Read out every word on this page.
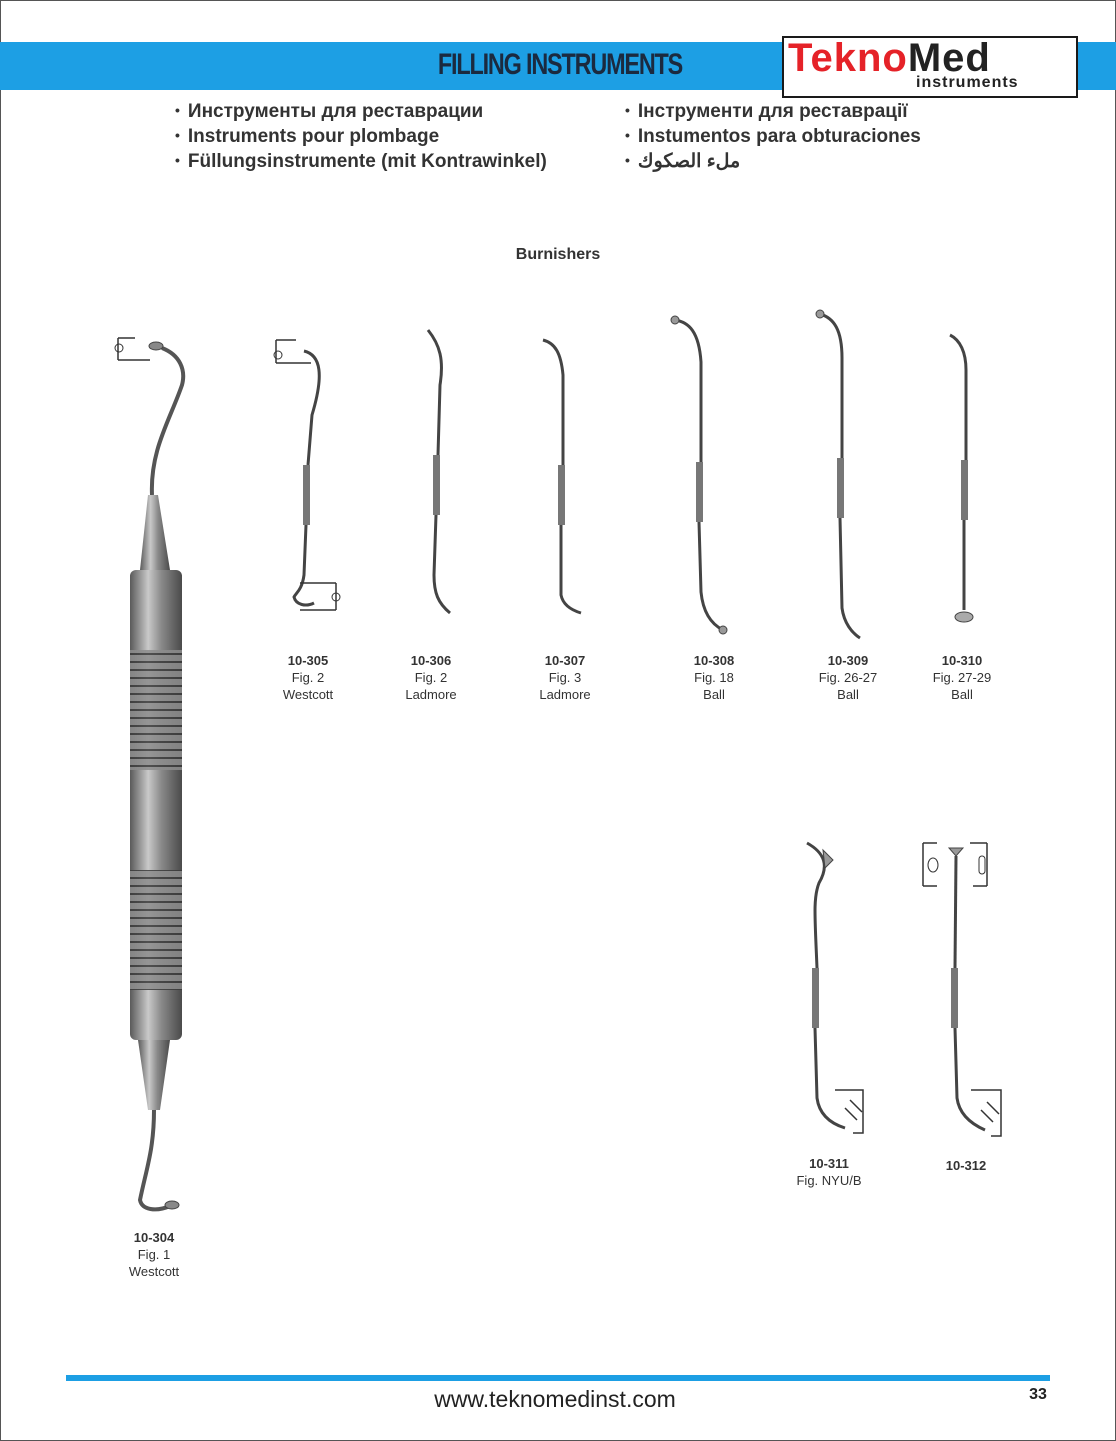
FILLING INSTRUMENTS	TeknoMed
instruments
• Инструменты для реставрации
• Instruments pour plombage
• Füllungsinstrumente (mit Kontrawinkel)
• Інструменти для реставрації
• Instumentos para obturaciones
• ملء الصكوك
Burnishers
10-305
Fig. 2
Westcott
10-306
Fig. 2
Ladmore
10-307
Fig. 3
Ladmore
10-308
Fig. 18
Ball
10-309
Fig. 26-27
Ball
10-310
Fig. 27-29
Ball
10-311
Fig. NYU/B
10-312
10-304
Fig. 1
Westcott
www.teknomedinst.com	33
